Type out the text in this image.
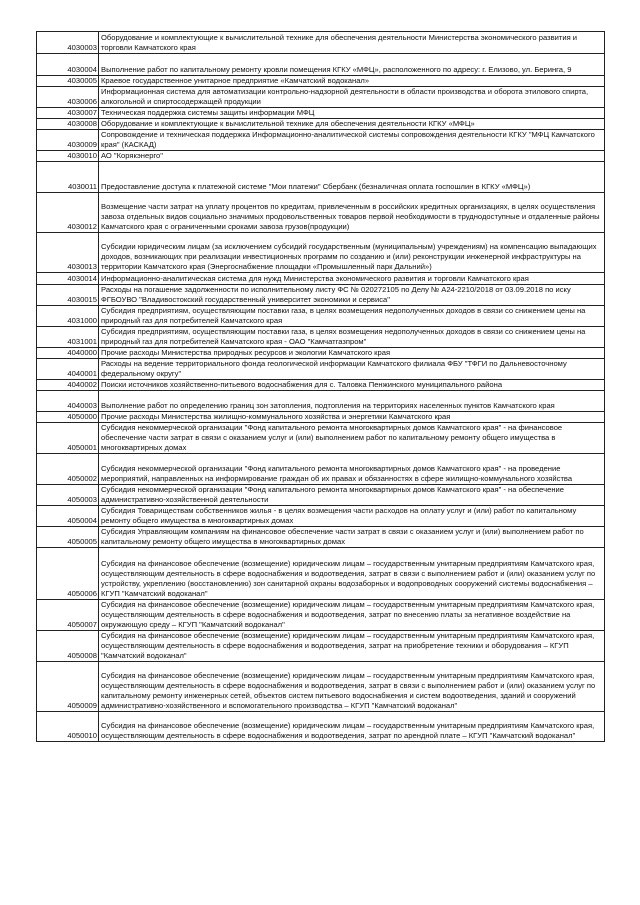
4030003	Оборудование и комплектующие к вычислительной технике для обеспечения деятельности Министерства экономического развития и торговли Камчатского края
4030004	Выполнение работ по капитальному ремонту кровли помещения КГКУ «МФЦ», расположенного по адресу: г. Елизово, ул. Беринга, 9
4030005	Краевое государственное унитарное предприятие «Камчатский водоканал»
4030006	Информационная система для автоматизации контрольно-надзорной деятельности в области производства и оборота этилового спирта, алкогольной и спиртосодержащей продукции
4030007	Техническая поддержка системы защиты информации МФЦ
4030008	Оборудование и комплектующие к вычислительной технике для обеспечения деятельности КГКУ «МФЦ»
4030009	Сопровождение и техническая поддержка Информационно-аналитической системы сопровождения деятельности КГКУ "МФЦ Камчатского края" (КАСКАД)
4030010	АО "Корякэнерго"
4030011	Предоставление доступа к платежной системе "Мои платежи" Сбербанк (безналичная оплата госпошлин в КГКУ «МФЦ»)
4030012	Возмещение части затрат на уплату процентов по кредитам, привлеченным в российских кредитных организациях, в целях осуществления завоза отдельных видов социально значимых продовольственных товаров первой необходимости в труднодоступные и отдаленные районы Камчатского края с ограниченными сроками завоза грузов(продукции)
4030013	Субсидии юридическим лицам (за исключением субсидий государственным (муниципальным) учреждениям) на компенсацию выпадающих доходов, возникающих при реализации инвестиционных программ по созданию и (или) реконструкции инженерной инфраструктуры на территории Камчатского края (Энергоснабжение площадки «Промышленный парк Дальний»)
4030014	Информационно-аналитическая система для нужд Министерства экономического развития и торговли Камчатского края
4030015	Расходы на погашение задолженности по исполнительному листу ФС № 020272105 по Делу № А24-2210/2018 от 03.09.2018 по иску ФГБОУВО "Владивостокский государственный университет экономики и сервиса"
4031000	Субсидия предприятиям, осуществляющим поставки газа, в целях возмещения недополученных доходов в связи со снижением цены на природный газ для потребителей Камчатского края
4031001	Субсидия предприятиям, осуществляющим поставки газа, в целях возмещения недополученных доходов в связи со снижением цены на природный газ для потребителей Камчатского края - ОАО "Камчатгазпром"
4040000	Прочие расходы Министерства природных ресурсов и экологии Камчатского края
4040001	Расходы на ведение территориального фонда геологической информации Камчатского филиала ФБУ "ТФГИ по Дальневосточному федеральному округу"
4040002	Поиски источников хозяйственно-питьевого водоснабжения для с. Таловка Пенжинского муниципального района
4040003	Выполнение работ по определению границ зон затопления, подтопления на территориях населенных пунктов Камчатского края
4050000	Прочие расходы Министерства жилищно-коммунального хозяйства и энергетики Камчатского края
4050001	Субсидия некоммерческой организации "Фонд капитального ремонта многоквартирных домов Камчатского края" - на финансовое обеспечение части затрат в связи с оказанием услуг и (или) выполнением работ по капитальному ремонту общего имущества в многоквартирных домах
4050002	Субсидия некоммерческой организации "Фонд капитального ремонта многоквартирных домов Камчатского края" - на проведение мероприятий, направленных на информирование граждан об их правах и обязанностях в сфере жилищно-коммунального хозяйства
4050003	Субсидия некоммерческой организации "Фонд капитального ремонта многоквартирных домов Камчатского края" - на обеспечение административно-хозяйственной деятельности
4050004	Субсидия Товариществам собственников жилья - в целях возмещения части расходов на оплату услуг и (или) работ по капитальному ремонту общего имущества в многоквартирных домах
4050005	Субсидия Управляющим компаниям на финансовое обеспечение части затрат в связи с оказанием услуг и (или) выполнением работ по капитальному ремонту общего имущества в многоквартирных домах
4050006	Субсидия на финансовое обеспечение (возмещение) юридическим лицам – государственным унитарным предприятиям Камчатского края, осуществляющим деятельность в сфере водоснабжения и водоотведения, затрат в связи с выполнением работ и (или) оказанием услуг по устройству, укреплению (восстановлению) зон санитарной охраны водозаборных и водопроводных сооружений системы водоснабжения – КГУП "Камчатский водоканал"
4050007	Субсидия на финансовое обеспечение (возмещение) юридическим лицам – государственным унитарным предприятиям Камчатского края, осуществляющим деятельность в сфере водоснабжения и водоотведения, затрат по внесению платы за негативное воздействие на окружающую среду – КГУП "Камчатский водоканал"
4050008	Субсидия на финансовое обеспечение (возмещение) юридическим лицам – государственным унитарным предприятиям Камчатского края, осуществляющим деятельность в сфере водоснабжения и водоотведения, затрат на приобретение техники и оборудования – КГУП "Камчатский водоканал"
4050009	Субсидия на финансовое обеспечение (возмещение) юридическим лицам – государственным унитарным предприятиям Камчатского края, осуществляющим деятельность в сфере водоснабжения и водоотведения, затрат в связи с выполнением работ и (или) оказанием услуг по капитальному ремонту инженерных сетей, объектов систем питьевого водоснабжения и систем водоотведения, зданий и сооружений административно-хозяйственного и вспомогательного производства – КГУП "Камчатский водоканал"
4050010	Субсидия на финансовое обеспечение (возмещение) юридическим лицам – государственным унитарным предприятиям Камчатского края, осуществляющим деятельность в сфере водоснабжения и водоотведения, затрат по арендной плате – КГУП "Камчатский водоканал"
